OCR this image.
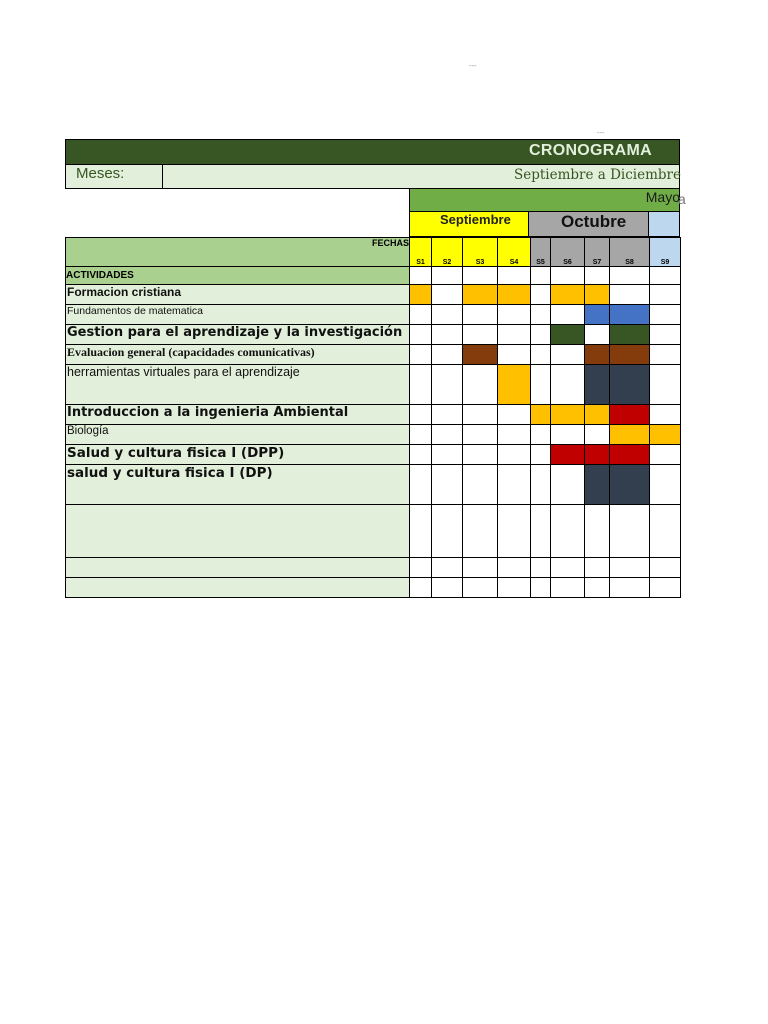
---
---
CRONOGRAMA
Meses:	Septiembre a Diciembre
Mayo
a
Septiembre	Octubre
FECHAS	S1	S2	S3	S4	S5	S6	S7	S8	S9
ACTIVIDADES									
Formacion cristiana									
Fundamentos de matematica									
Gestion para el aprendizaje y la investigación									
Evaluacion general (capacidades comunicativas)									
herramientas virtuales para el aprendizaje									
Introduccion a la ingenieria Ambiental									
Biología									
Salud y cultura fisica I (DPP)									
salud y cultura fisica I (DP)									
